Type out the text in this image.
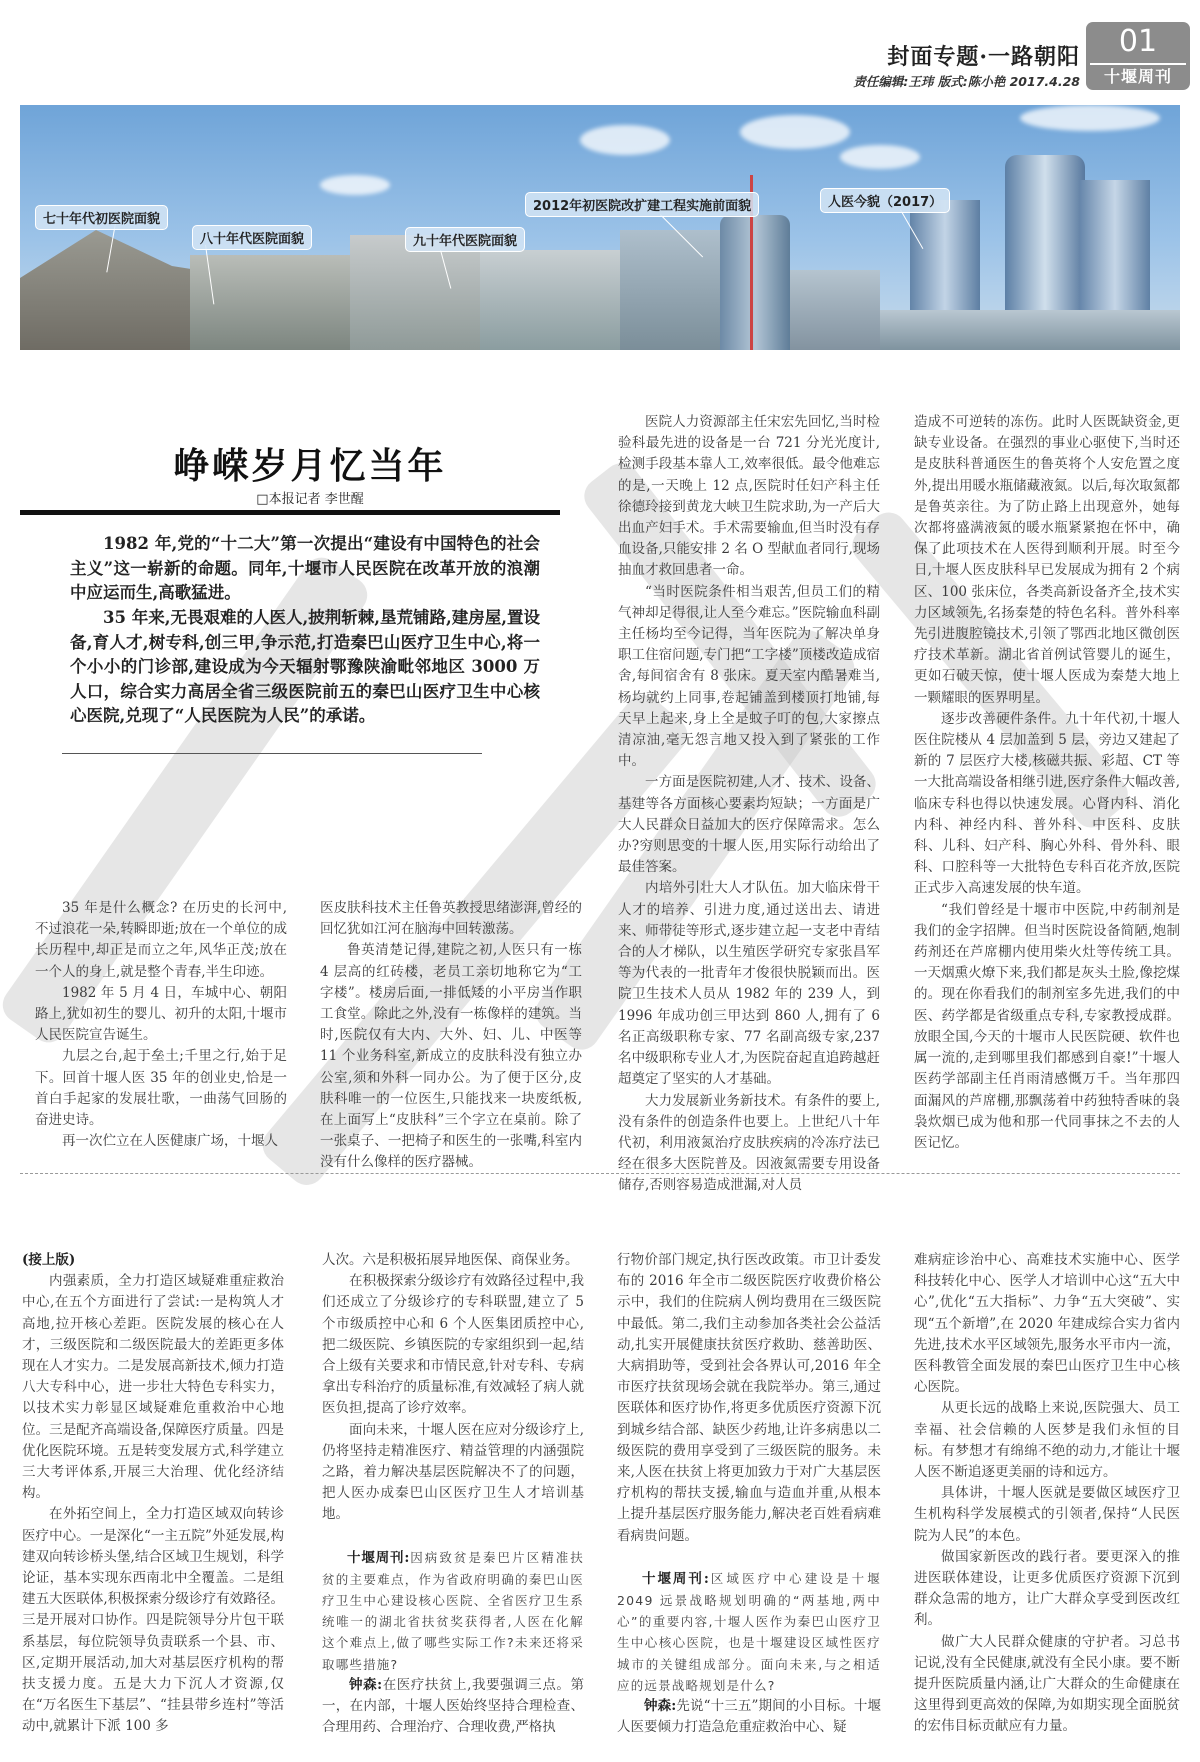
封面专题·一路朝阳
责任编辑:王玮 版式:陈小艳 2017.4.28
01
十堰周刊
七十年代初医院面貌
八十年代医院面貌	九十年代医院面貌
2012年初医院改扩建工程实施前面貌	人医今貌（2017）
峥嵘岁月忆当年
□本报记者 李世醒
1982 年,党的“十二大”第一次提出“建设有中国特色的社会主义”这一崭新的命题。同年,十堰市人民医院在改革开放的浪潮中应运而生,高歌猛进。
35 年来,无畏艰难的人医人,披荆斩棘,垦荒铺路,建房屋,置设备,育人才,树专科,创三甲,争示范,打造秦巴山医疗卫生中心,将一个小小的门诊部,建设成为今天辐射鄂豫陕渝毗邻地区 3000 万人口，综合实力高居全省三级医院前五的秦巴山医疗卫生中心核心医院,兑现了“人民医院为人民”的承诺。

35 年是什么概念? 在历史的长河中,不过浪花一朵,转瞬即逝;放在一个单位的成长历程中,却正是而立之年,风华正茂;放在一个人的身上,就是整个青春,半生印迹。

1982 年 5 月 4 日，车城中心、朝阳路上,犹如初生的婴儿、初升的太阳,十堰市人民医院宣告诞生。

九层之台,起于垒土;千里之行,始于足下。回首十堰人医 35 年的创业史,恰是一首白手起家的发展壮歌，一曲荡气回肠的奋进史诗。

再一次伫立在人医健康广场，十堰人

医皮肤科技术主任鲁英教授思绪澎湃,曾经的回忆犹如江河在脑海中回转激荡。

鲁英清楚记得,建院之初,人医只有一栋 4 层高的红砖楼，老员工亲切地称它为“工字楼”。楼房后面,一排低矮的小平房当作职工食堂。除此之外,没有一栋像样的建筑。当时,医院仅有大内、大外、妇、儿、中医等 11 个业务科室,新成立的皮肤科没有独立办公室,须和外科一同办公。为了便于区分,皮肤科唯一的一位医生,只能找来一块废纸板,在上面写上“皮肤科”三个字立在桌前。除了一张桌子、一把椅子和医生的一张嘴,科室内没有什么像样的医疗器械。

医院人力资源部主任宋宏先回忆,当时检验科最先进的设备是一台 721 分光光度计,检测手段基本靠人工,效率很低。最令他难忘的是,一天晚上 12 点,医院时任妇产科主任徐德玲接到黄龙大峡卫生院求助,为一产后大出血产妇手术。手术需要输血,但当时没有存血设备,只能安排 2 名 O 型献血者同行,现场抽血才救回患者一命。

“当时医院条件相当艰苦,但员工们的精气神却足得很,让人至今难忘。”医院输血科副主任杨均至今记得，当年医院为了解决单身职工住宿问题,专门把“工字楼”顶楼改造成宿舍,每间宿舍有 8 张床。夏天室内酷暑难当,杨均就约上同事,卷起铺盖到楼顶打地铺,每天早上起来,身上全是蚊子叮的包,大家擦点清凉油,毫无怨言地又投入到了紧张的工作中。

一方面是医院初建,人才、技术、设备、基建等各方面核心要素均短缺；一方面是广大人民群众日益加大的医疗保障需求。怎么办?穷则思变的十堰人医,用实际行动给出了最佳答案。

内培外引壮大人才队伍。加大临床骨干人才的培养、引进力度,通过送出去、请进来、师带徒等形式,逐步建立起一支老中青结合的人才梯队，以生殖医学研究专家张昌军等为代表的一批青年才俊很快脱颖而出。医院卫生技术人员从 1982 年的 239 人，到 1996 年成功创三甲达到 860 人,拥有了 6 名正高级职称专家、77 名副高级专家,237 名中级职称专业人才,为医院奋起直追跨越赶超奠定了坚实的人才基础。

大力发展新业务新技术。有条件的要上,没有条件的创造条件也要上。上世纪八十年代初，利用液氮治疗皮肤疾病的冷冻疗法已经在很多大医院普及。因液氮需要专用设备储存,否则容易造成泄漏,对人员

造成不可逆转的冻伤。此时人医既缺资金,更缺专业设备。在强烈的事业心驱使下,当时还是皮肤科普通医生的鲁英将个人安危置之度外,提出用暖水瓶储藏液氮。以后,每次取氮都是鲁英亲往。为了防止路上出现意外，她每次都将盛满液氮的暖水瓶紧紧抱在怀中，确保了此项技术在人医得到顺利开展。时至今日,十堰人医皮肤科早已发展成为拥有 2 个病区、100 张床位，各类高新设备齐全,技术实力区域领先,名扬秦楚的特色名科。普外科率先引进腹腔镜技术,引领了鄂西北地区微创医疗技术革新。湖北省首例试管婴儿的诞生，更如石破天惊，使十堰人医成为秦楚大地上一颗耀眼的医界明星。

逐步改善硬件条件。九十年代初,十堰人医住院楼从 4 层加盖到 5 层，旁边又建起了新的 7 层医疗大楼,核磁共振、彩超、CT 等一大批高端设备相继引进,医疗条件大幅改善,临床专科也得以快速发展。心肾内科、消化内科、神经内科、普外科、中医科、皮肤科、儿科、妇产科、胸心外科、骨外科、眼科、口腔科等一大批特色专科百花齐放,医院正式步入高速发展的快车道。

“我们曾经是十堰市中医院,中药制剂是我们的金字招牌。但当时医院设备简陋,炮制药剂还在芦席棚内使用柴火灶等传统工具。一天烟熏火燎下来,我们都是灰头土脸,像挖煤的。现在你看我们的制剂室多先进,我们的中医、药学都是省级重点专科,专家教授成群。放眼全国,今天的十堰市人民医院硬、软件也属一流的,走到哪里我们都感到自豪!”十堰人医药学部副主任肖雨清感慨万千。当年那四面漏风的芦席棚,那飘荡着中药独特香味的袅袅炊烟已成为他和那一代同事抹之不去的人医记忆。

(接上版)

内强素质，全力打造区域疑难重症救治中心,在五个方面进行了尝试:一是构筑人才高地,拉开核心差距。医院发展的核心在人才，三级医院和二级医院最大的差距更多体现在人才实力。二是发展高新技术,倾力打造八大专科中心，进一步壮大特色专科实力，以技术实力彰显区域疑难危重救治中心地位。三是配齐高端设备,保障医疗质量。四是优化医院环境。五是转变发展方式,科学建立三大考评体系,开展三大治理、优化经济结构。

在外拓空间上，全力打造区域双向转诊医疗中心。一是深化“一主五院”外延发展,构建双向转诊桥头堡,结合区域卫生规划，科学论证，基本实现东西南北中全覆盖。二是组建五大医联体,积极探索分级诊疗有效路径。三是开展对口协作。四是院领导分片包干联系基层，每位院领导负责联系一个县、市、区,定期开展活动,加大对基层医疗机构的帮扶支援力度。五是大力下沉人才资源,仅在“万名医生下基层”、“挂县带乡连村”等活动中,就累计下派 100 多

人次。六是积极拓展异地医保、商保业务。

在积极探索分级诊疗有效路径过程中,我们还成立了分级诊疗的专科联盟,建立了 5 个市级质控中心和 6 个人医集团质控中心,把二级医院、乡镇医院的专家组织到一起,结合上级有关要求和市情民意,针对专科、专病拿出专科治疗的质量标准,有效减轻了病人就医负担,提高了诊疗效率。

面向未来，十堰人医在应对分级诊疗上,仍将坚持走精准医疗、精益管理的内涵强院之路，着力解决基层医院解决不了的问题，把人医办成秦巴山区医疗卫生人才培训基地。

十堰周刊:因病致贫是秦巴片区精准扶贫的主要难点，作为省政府明确的秦巴山医疗卫生中心建设核心医院、全省医疗卫生系统唯一的湖北省扶贫奖获得者,人医在化解这个难点上,做了哪些实际工作?未来还将采取哪些措施?

钟森:在医疗扶贫上,我要强调三点。第一，在内部，十堰人医始终坚持合理检查、合理用药、合理治疗、合理收费,严格执

行物价部门规定,执行医改政策。市卫计委发布的 2016 年全市二级医院医疗收费价格公示中，我们的住院病人例均费用在三级医院中最低。第二,我们主动参加各类社会公益活动,扎实开展健康扶贫医疗救助、慈善助医、大病捐助等，受到社会各界认可,2016 年全市医疗扶贫现场会就在我院举办。第三,通过医联体和医疗协作,将更多优质医疗资源下沉到城乡结合部、缺医少药地,让许多病患以二级医院的费用享受到了三级医院的服务。未来,人医在扶贫上将更加致力于对广大基层医疗机构的帮扶支援,输血与造血并重,从根本上提升基层医疗服务能力,解决老百姓看病难看病贵问题。

十堰周刊:区域医疗中心建设是十堰 2049 远景战略规划明确的“两基地,两中心”的重要内容,十堰人医作为秦巴山医疗卫生中心核心医院，也是十堰建设区域性医疗城市的关键组成部分。面向未来,与之相适应的远景战略规划是什么?

钟森:先说“十三五”期间的小目标。十堰人医要倾力打造急危重症救治中心、疑

难病症诊治中心、高难技术实施中心、医学科技转化中心、医学人才培训中心这“五大中心”,优化“五大指标”、力争“五大突破”、实现“五个新增”,在 2020 年建成综合实力省内先进,技术水平区域领先,服务水平市内一流，医科教管全面发展的秦巴山医疗卫生中心核心医院。

从更长远的战略上来说,医院强大、员工幸福、社会信赖的人医梦是我们永恒的目标。有梦想才有绵绵不绝的动力,才能让十堰人医不断追逐更美丽的诗和远方。

具体讲，十堰人医就是要做区域医疗卫生机构科学发展模式的引领者,保持“人民医院为人民”的本色。

做国家新医改的践行者。要更深入的推进医联体建设，让更多优质医疗资源下沉到群众急需的地方，让广大群众享受到医改红利。

做广大人民群众健康的守护者。习总书记说,没有全民健康,就没有全民小康。要不断提升医院质量内涵,让广大群众的生命健康在这里得到更高效的保障,为如期实现全面脱贫的宏伟目标贡献应有力量。
